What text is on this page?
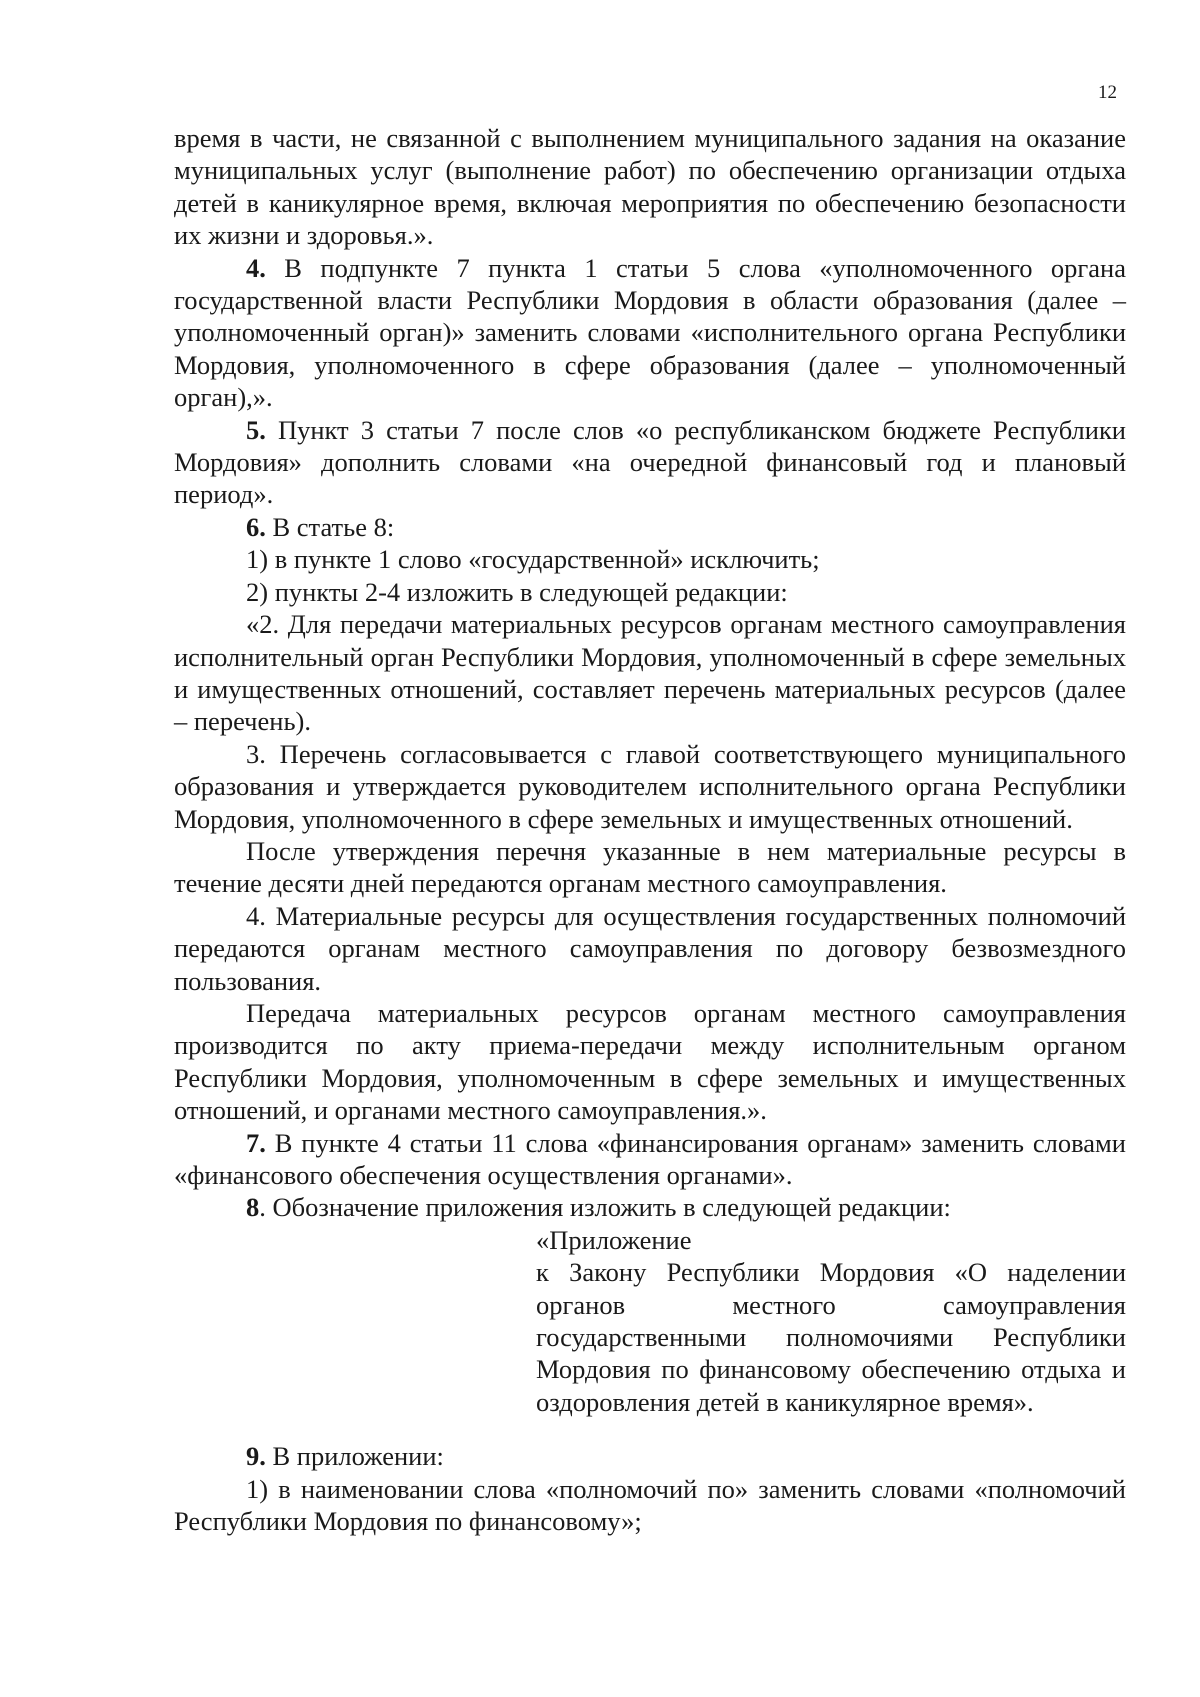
12

время в части, не связанной с выполнением муниципального задания на оказание муниципальных услуг (выполнение работ) по обеспечению организации отдыха детей в каникулярное время, включая мероприятия по обеспечению безопасности их жизни и здоровья.».

4. В подпункте 7 пункта 1 статьи 5 слова «уполномоченного органа государственной власти Республики Мордовия в области образования (далее – уполномоченный орган)» заменить словами «исполнительного органа Республики Мордовия, уполномоченного в сфере образования (далее – уполномоченный орган),».

5. Пункт 3 статьи 7 после слов «о республиканском бюджете Республики Мордовия» дополнить словами «на очередной финансовый год и плановый период».

6. В статье 8:

1) в пункте 1 слово «государственной» исключить;

2) пункты 2-4 изложить в следующей редакции:

«2. Для передачи материальных ресурсов органам местного самоуправления исполнительный орган Республики Мордовия, уполномоченный в сфере земельных и имущественных отношений, составляет перечень материальных ресурсов (далее – перечень).

3. Перечень согласовывается с главой соответствующего муниципального образования и утверждается руководителем исполнительного органа Республики Мордовия, уполномоченного в сфере земельных и имущественных отношений.

После утверждения перечня указанные в нем материальные ресурсы в течение десяти дней передаются органам местного самоуправления.

4. Материальные ресурсы для осуществления государственных полномочий передаются органам местного самоуправления по договору безвозмездного пользования.

Передача материальных ресурсов органам местного самоуправления производится по акту приема-передачи между исполнительным органом Республики Мордовия, уполномоченным в сфере земельных и имущественных отношений, и органами местного самоуправления.».

7. В пункте 4 статьи 11 слова «финансирования органам» заменить словами «финансового обеспечения осуществления органами».

8. Обозначение приложения изложить в следующей редакции:

«Приложение

к Закону Республики Мордовия «О наделении органов местного самоуправления государственными полномочиями Республики Мордовия по финансовому обеспечению отдыха и оздоровления детей в каникулярное время».

9. В приложении:

1) в наименовании слова «полномочий по» заменить словами «полномочий Республики Мордовия по финансовому»;
